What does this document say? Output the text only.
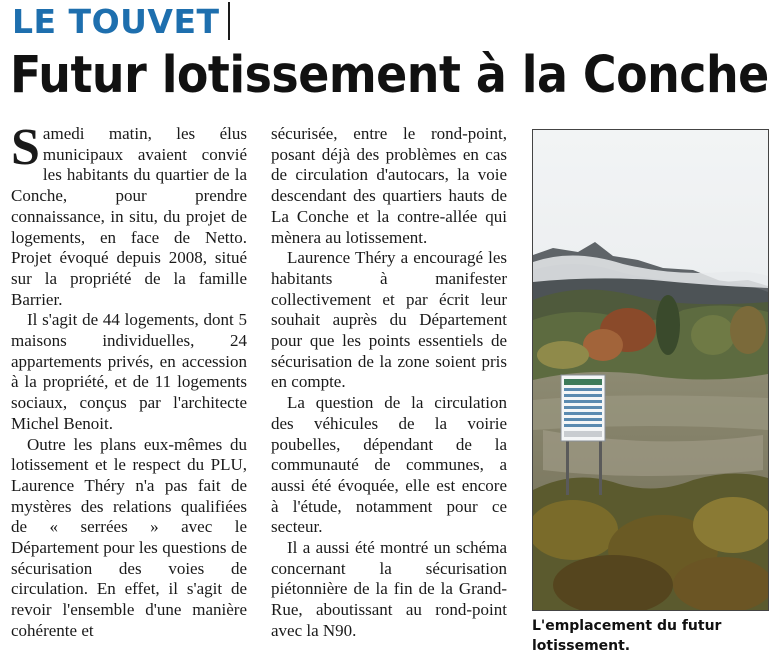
LE TOUVET
Futur lotissement à la Conche

Samedi matin, les élus municipaux avaient convié les habitants du quartier de la Conche, pour prendre connaissance, in situ, du projet de logements, en face de Netto. Projet évoqué depuis 2008, situé sur la propriété de la famille Barrier.

Il s'agit de 44 logements, dont 5 maisons individuelles, 24 appartements privés, en accession à la propriété, et de 11 logements sociaux, conçus par l'architecte Michel Benoit.

Outre les plans eux-mêmes du lotissement et le respect du PLU, Laurence Théry n'a pas fait de mystères des relations qualifiées de « serrées » avec le Département pour les questions de sécurisation des voies de circulation. En effet, il s'agit de revoir l'ensemble d'une manière cohérente et

sécurisée, entre le rond-point, posant déjà des problèmes en cas de circulation d'autocars, la voie descendant des quartiers hauts de La Conche et la contre-allée qui mènera au lotissement.

Laurence Théry a encouragé les habitants à manifester collectivement et par écrit leur souhait auprès du Département pour que les points essentiels de sécurisation de la zone soient pris en compte.

La question de la circulation des véhicules de la voirie poubelles, dépendant de la communauté de communes, a aussi été évoquée, elle est encore à l'étude, notamment pour ce secteur.

Il a aussi été montré un schéma concernant la sécurisation piétonnière de la fin de la Grand-Rue, aboutissant au rond-point avec la N90.	L'emplacement du futur lotissement.
